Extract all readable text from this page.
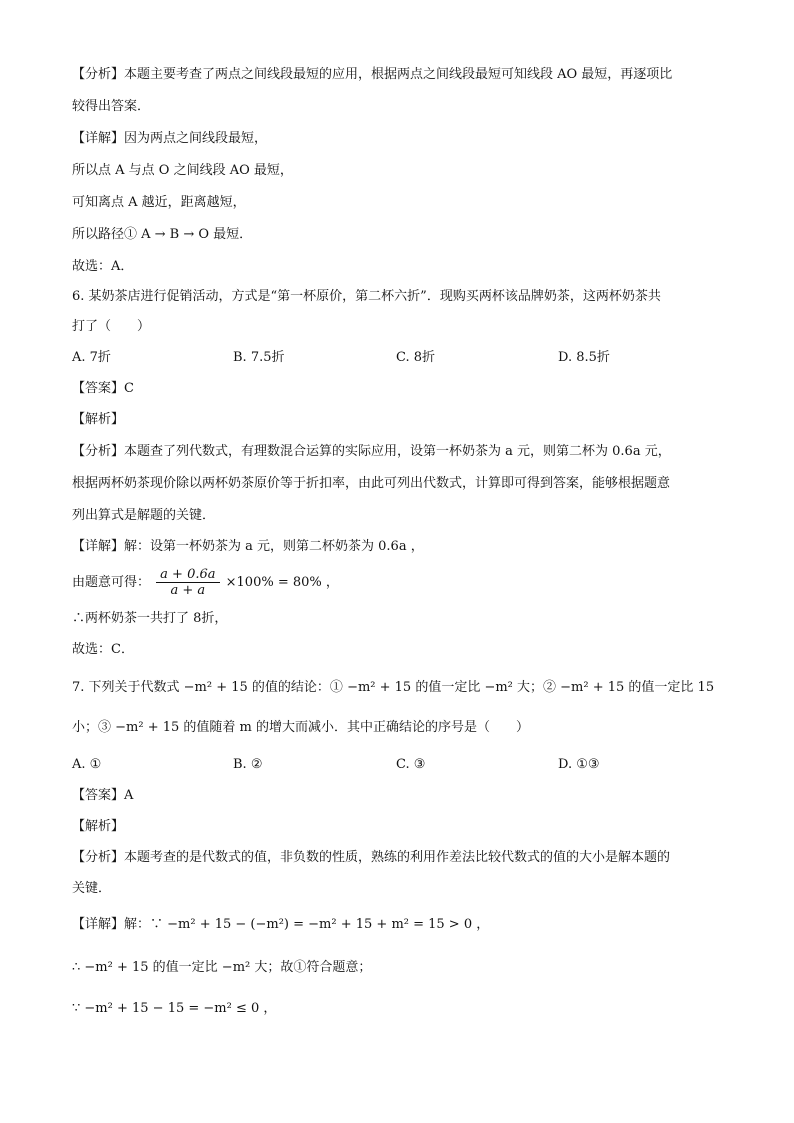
【分析】本题主要考查了两点之间线段最短的应用，根据两点之间线段最短可知线段 AO 最短，再逐项比
较得出答案．
【详解】因为两点之间线段最短，
所以点 A 与点 O 之间线段 AO 最短，
可知离点 A 越近，距离越短，
所以路径① A → B → O 最短．
故选：A．
6. 某奶茶店进行促销活动，方式是“第一杯原价，第二杯六折”．现购买两杯该品牌奶茶，这两杯奶茶共
打了（　　）
A. 7折	B. 7.5折	C. 8折	D. 8.5折
【答案】C
【解析】
【分析】本题查了列代数式，有理数混合运算的实际应用，设第一杯奶茶为 a 元，则第二杯为 0.6a 元，
根据两杯奶茶现价除以两杯奶茶原价等于折扣率，由此可列出代数式，计算即可得到答案，能够根据题意
列出算式是解题的关键．
【详解】解：设第一杯奶茶为 a 元，则第二杯奶茶为 0.6a ，
由题意可得： $\frac{a + 0.6a}{a + a} \times 100\% = 80\%$ ，
∴两杯奶茶一共打了 8折，
故选：C．
7. 下列关于代数式 −m² + 15 的值的结论：① −m² + 15 的值一定比 −m² 大；② −m² + 15 的值一定比 15
小；③ −m² + 15 的值随着 m 的增大而减小．其中正确结论的序号是（　　）
A. ①	B. ②	C. ③	D. ①③
【答案】A
【解析】
【分析】本题考查的是代数式的值，非负数的性质，熟练的利用作差法比较代数式的值的大小是解本题的
关键．
【详解】解：∵ −m² + 15 − (−m²) = −m² + 15 + m² = 15 > 0 ，
∴ −m² + 15 的值一定比 −m² 大；故①符合题意；
∵ −m² + 15 − 15 = −m² ≤ 0 ，
